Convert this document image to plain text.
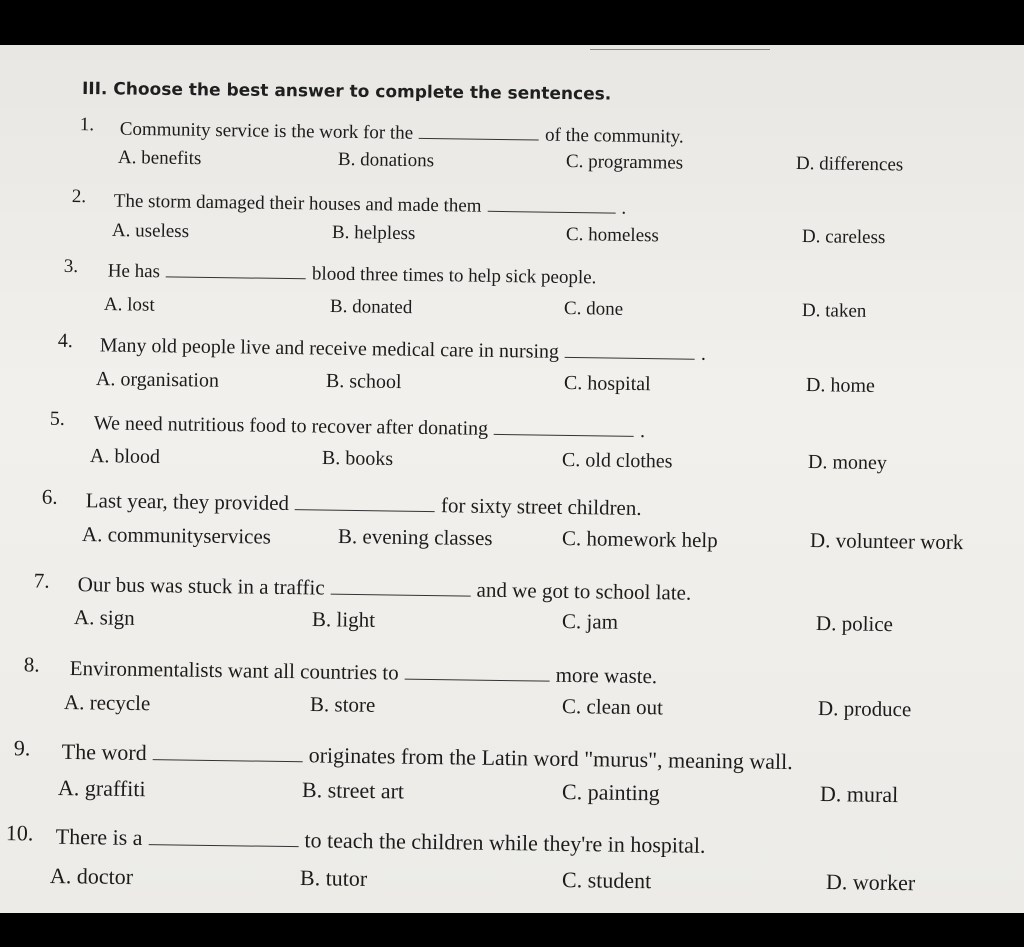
III. Choose the best answer to complete the sentences.
1. Community service is the work for the	of the community.
A. benefits	B. donations	C. programmes	D. differences
2. The storm damaged their houses and made them	.
A. useless	B. helpless	C. homeless	D. careless
3. He has	blood three times to help sick people.
A. lost	B. donated	C. done	D. taken
4. Many old people live and receive medical care in nursing	.
A. organisation	B. school	C. hospital	D. home
5. We need nutritious food to recover after donating	.
A. blood	B. books	C. old clothes	D. money
6. Last year, they provided	for sixty street children.
A. communityservices	B. evening classes	C. homework help	D. volunteer work
7. Our bus was stuck in a traffic	and we got to school late.
A. sign	B. light	C. jam	D. police
8. Environmentalists want all countries to	more waste.
A. recycle	B. store	C. clean out	D. produce
9. The word	originates from the Latin word "murus", meaning wall.
A. graffiti	B. street art	C. painting	D. mural
10. There is a	to teach the children while they're in hospital.
A. doctor	B. tutor	C. student	D. worker
